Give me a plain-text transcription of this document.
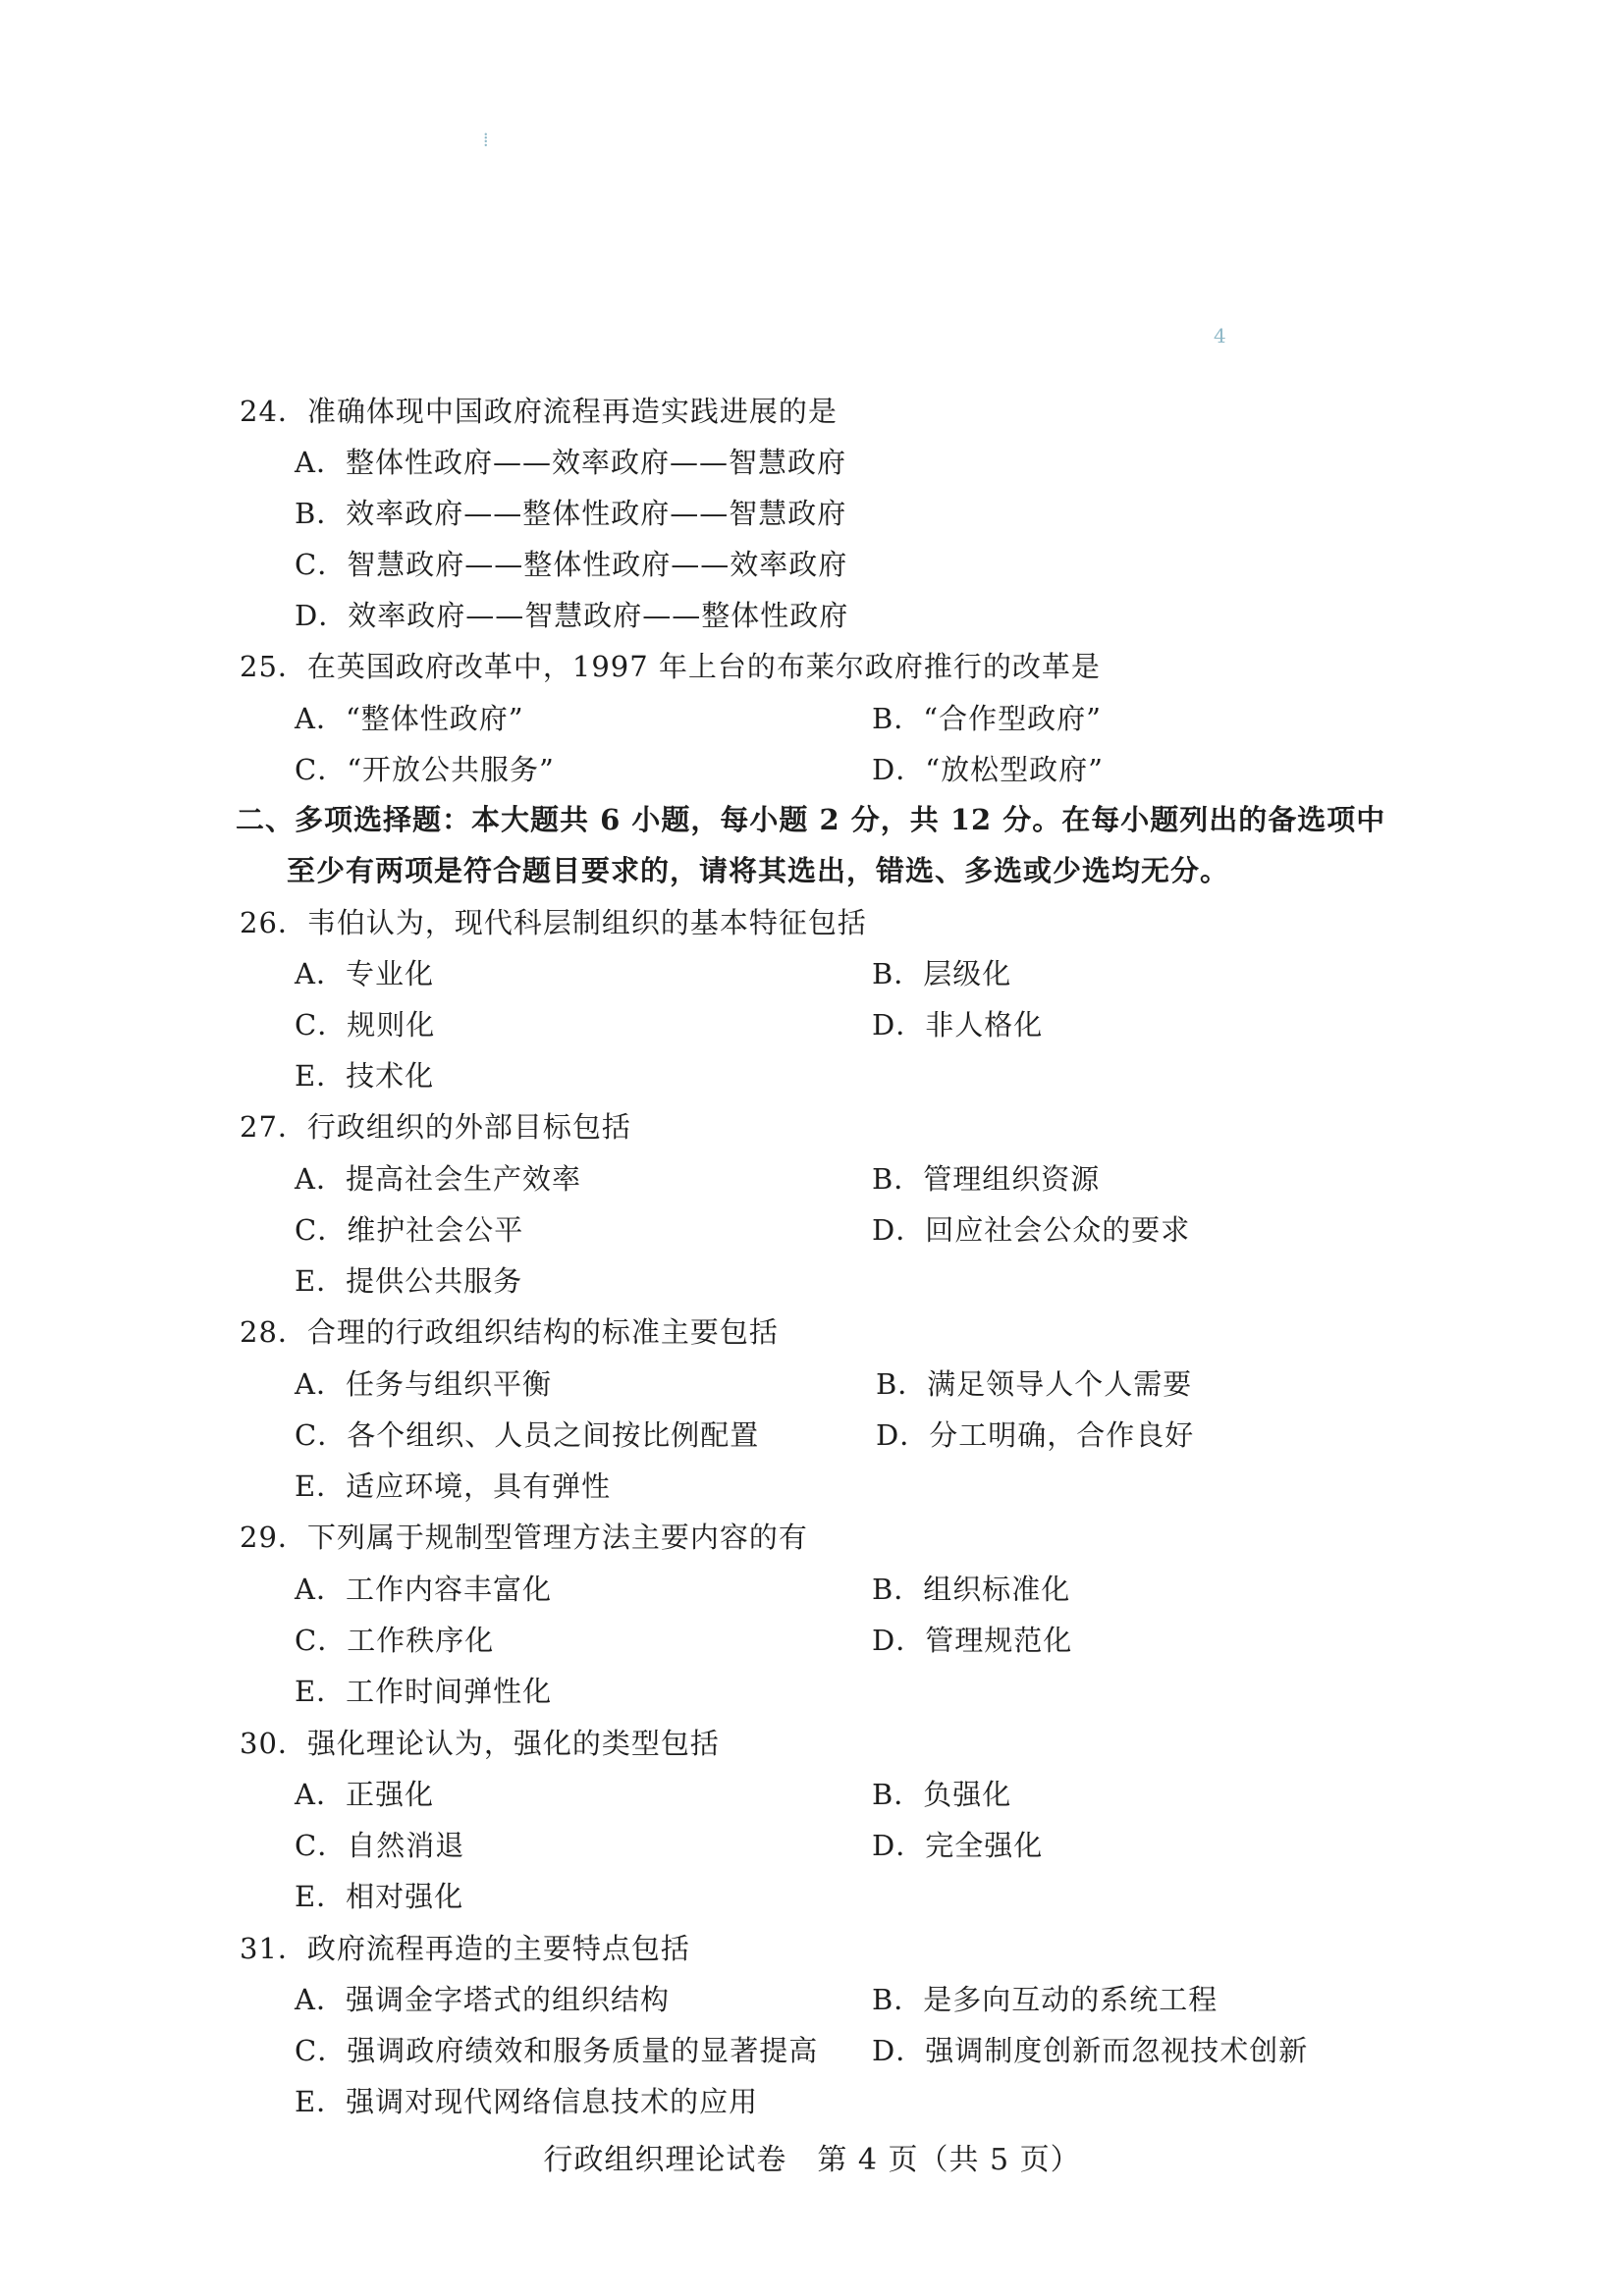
⁞
4
24．准确体现中国政府流程再造实践进展的是
A．整体性政府——效率政府——智慧政府
B．效率政府——整体性政府——智慧政府
C．智慧政府——整体性政府——效率政府
D．效率政府——智慧政府——整体性政府
25．在英国政府改革中，1997 年上台的布莱尔政府推行的改革是
A．“整体性政府”	B．“合作型政府”
C．“开放公共服务”	D．“放松型政府”
二、多项选择题：本大题共 6 小题，每小题 2 分，共 12 分。在每小题列出的备选项中
至少有两项是符合题目要求的，请将其选出，错选、多选或少选均无分。
26．韦伯认为，现代科层制组织的基本特征包括
A．专业化	B．层级化
C．规则化	D．非人格化
E．技术化
27．行政组织的外部目标包括
A．提高社会生产效率	B．管理组织资源
C．维护社会公平	D．回应社会公众的要求
E．提供公共服务
28．合理的行政组织结构的标准主要包括
A．任务与组织平衡	B．满足领导人个人需要
C．各个组织、人员之间按比例配置	D．分工明确，合作良好
E．适应环境，具有弹性
29．下列属于规制型管理方法主要内容的有
A．工作内容丰富化	B．组织标准化
C．工作秩序化	D．管理规范化
E．工作时间弹性化
30．强化理论认为，强化的类型包括
A．正强化	B．负强化
C．自然消退	D．完全强化
E．相对强化
31．政府流程再造的主要特点包括
A．强调金字塔式的组织结构	B．是多向互动的系统工程
C．强调政府绩效和服务质量的显著提高 D．强调制度创新而忽视技术创新
E．强调对现代网络信息技术的应用
行政组织理论试卷　第 4 页（共 5 页）
